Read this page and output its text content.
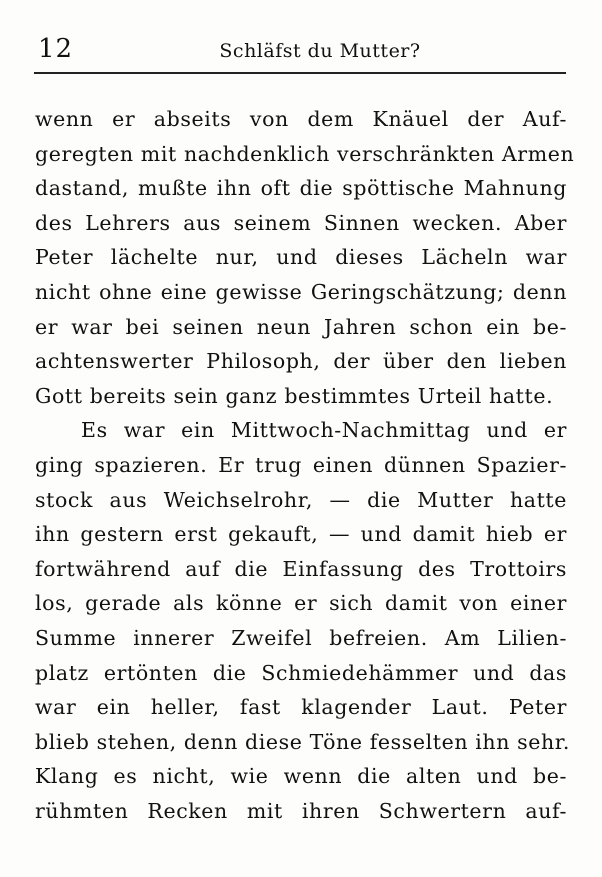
12	Schläfst du Mutter?
wenn er abseits von dem Knäuel der Auf-
geregten mit nachdenklich verschränkten Armen
dastand, mußte ihn oft die spöttische Mahnung
des Lehrers aus seinem Sinnen wecken. Aber
Peter lächelte nur, und dieses Lächeln war
nicht ohne eine gewisse Geringschätzung; denn
er war bei seinen neun Jahren schon ein be-
achtenswerter Philosoph, der über den lieben
Gott bereits sein ganz bestimmtes Urteil hatte.
Es war ein Mittwoch-Nachmittag und er
ging spazieren. Er trug einen dünnen Spazier-
stock aus Weichselrohr, — die Mutter hatte
ihn gestern erst gekauft, — und damit hieb er
fortwährend auf die Einfassung des Trottoirs
los, gerade als könne er sich damit von einer
Summe innerer Zweifel befreien. Am Lilien-
platz ertönten die Schmiedehämmer und das
war ein heller, fast klagender Laut. Peter
blieb stehen, denn diese Töne fesselten ihn sehr.
Klang es nicht, wie wenn die alten und be-
rühmten Recken mit ihren Schwertern auf-
